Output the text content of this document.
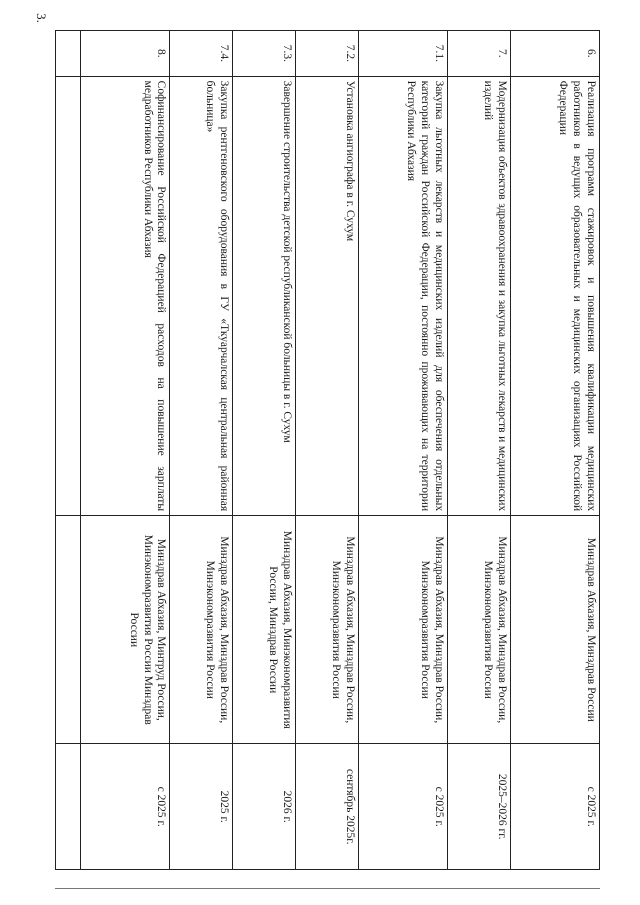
3.
6.	Реализация программ стажировок и повышения квалификации медицинских работников в ведущих образовательных и медицинских организациях Российской Федерации	Минздрав Абхазия, Минздрав России	с 2025 г.
7.	Модернизация объектов здравоохранения и закупка льготных лекарств и медицинских изделий	Минздрав Абхазия, Минздрав России, Минэкономразвития России	2025–2026 гг.
7.1.	Закупка льготных лекарств и медицинских изделий для обеспечения отдельных категорий граждан Российской Федерации, постоянно проживающих на территории Республики Абхазия	Минздрав Абхазия, Минздрав России, Минэкономразвития России	с 2025 г.
7.2.	Установка ангиографа в г. Сухум	Минздрав Абхазия, Минздрав России, Минэкономразвития России	сентябрь 2025г.
7.3.	Завершение строительства детской республиканской больницы в г. Сухум	Минздрав Абхазия, Минэкономразвития России, Минздрав России	2026 г.
7.4.	Закупка рентгеновского оборудования в ГУ «Ткуарчалская центральная районная больница»	Минздрав Абхазия, Минздрав России, Минэкономразвития России	2025 г.
8.	Софинансирование Российской Федерацией расходов на повышение зарплаты медработников Республики Абхазия	Минздрав Абхазия, Минтруд России, Минэкономразвития России Минздрав России	с 2025 г.
